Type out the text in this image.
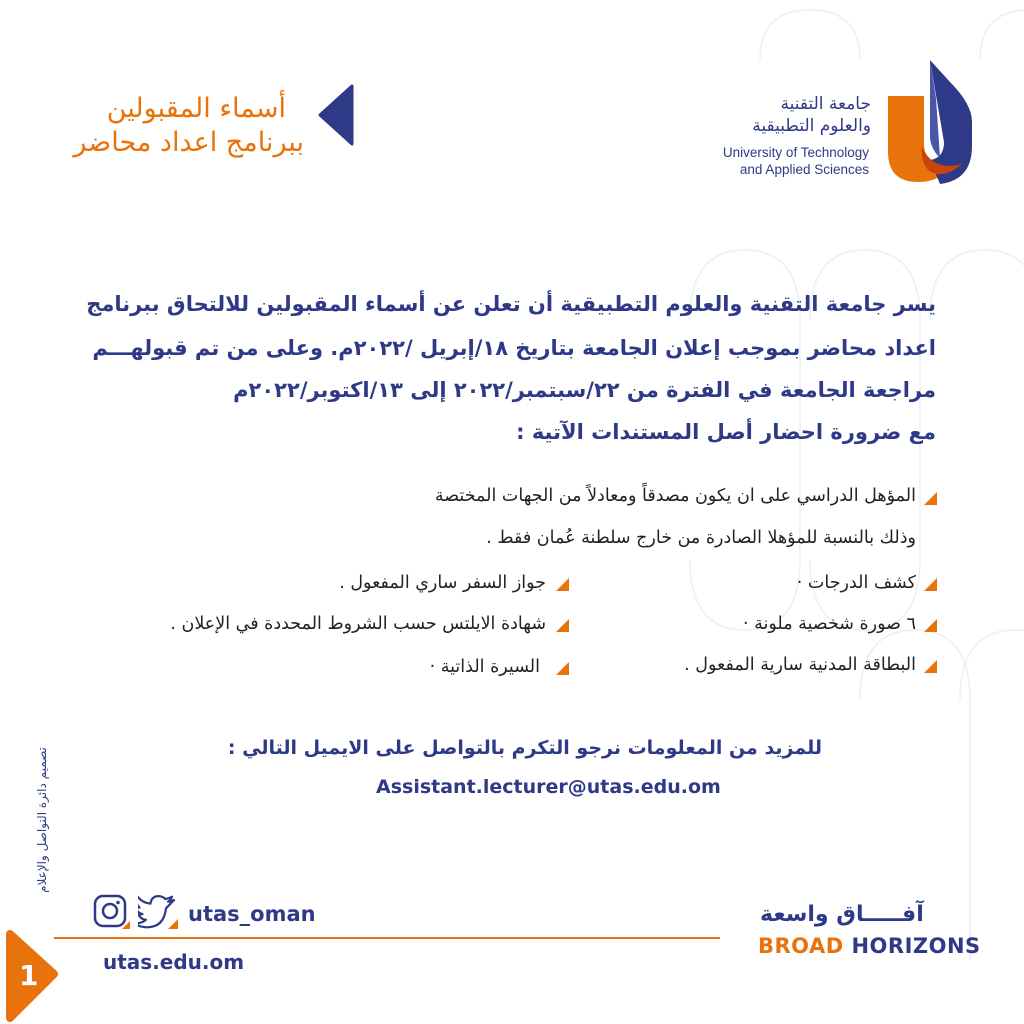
جامعة التقنية
والعلوم التطبيقية
University of Technology
and Applied Sciences
أسماء المقبولين
ببرنامج اعداد محاضر
يسر جامعة التقنية والعلوم التطبيقية أن تعلن عن أسماء المقبولين للالتحاق ببرنامج
اعداد محاضر بموجب إعلان الجامعة بتاريخ ١٨/إبريل /٢٠٢٢م. وعلى من تم قبولهـــم
مراجعة الجامعة في الفترة من ٢٢/سبتمبر/٢٠٢٢ إلى ١٣/اكتوبر/٢٠٢٢م
مع ضرورة احضار أصل المستندات الآتية :
المؤهل الدراسي على ان يكون مصدقاً ومعادلاً من الجهات المختصة
وذلك بالنسبة للمؤهلا الصادرة من خارج سلطنة عُمان فقط .
كشف الدرجات ·
٦ صورة شخصية ملونة ·
البطاقة المدنية سارية المفعول .
جواز السفر ساري المفعول .
شهادة الايلتس حسب الشروط المحددة في الإعلان .
السيرة الذاتية ·
للمزيد من المعلومات نرجو التكرم بالتواصل على الايميل التالي :
Assistant.lecturer@utas.edu.om
تصميم دائرة التواصل والإعلام
utas_oman
utas.edu.om
1
آفـــــاق واسعة
BROAD HORIZONS
